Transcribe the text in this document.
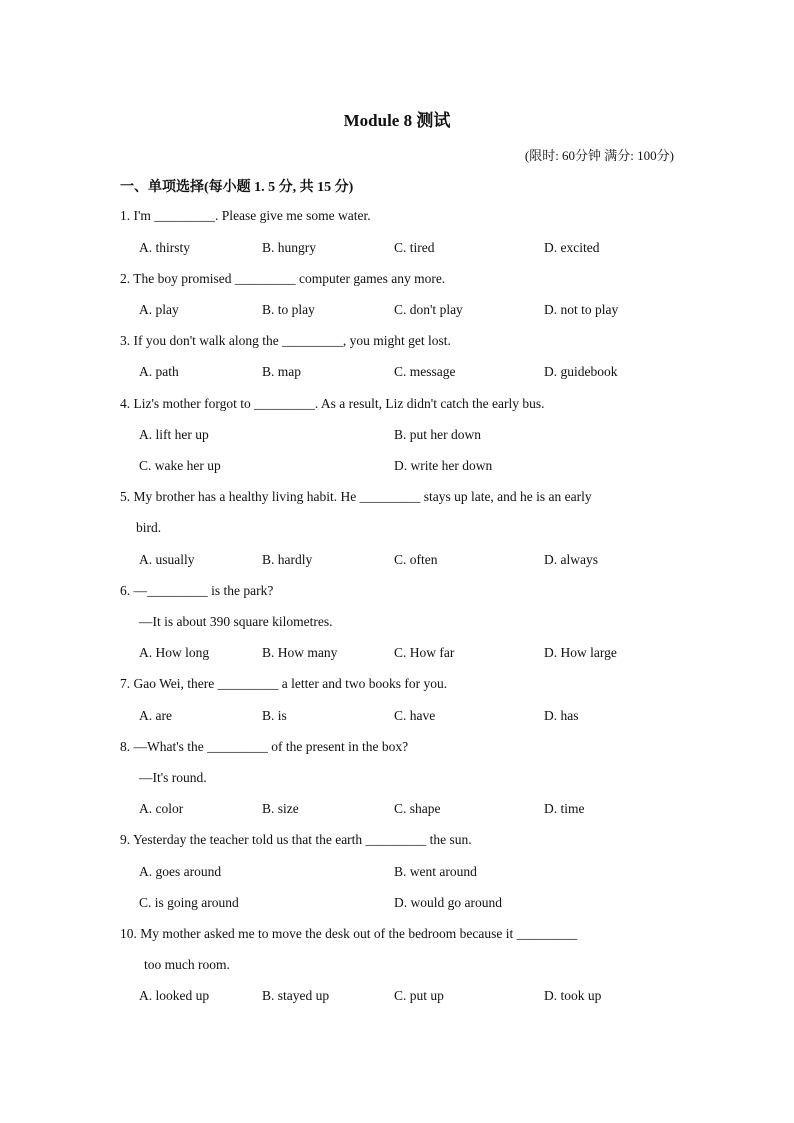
Module 8 测试
(限时: 60分钟 满分: 100分)
一、单项选择(每小题 1. 5 分, 共 15 分)
1. I'm _________. Please give me some water.
A. thirsty	B. hungry	C. tired	D. excited
2. The boy promised _________ computer games any more.
A. play	B. to play	C. don't play	D. not to play
3. If you don't walk along the _________, you might get lost.
A. path	B. map	C. message	D. guidebook
4. Liz's mother forgot to _________. As a result, Liz didn't catch the early bus.
A. lift her up	B. put her down
C. wake her up	D. write her down
5. My brother has a healthy living habit. He _________ stays up late, and he is an early
bird.
A. usually	B. hardly	C. often	D. always
6. —_________ is the park?
—It is about 390 square kilometres.
A. How long	B. How many	C. How far	D. How large
7. Gao Wei, there _________ a letter and two books for you.
A. are	B. is	C. have	D. has
8. —What's the _________ of the present in the box?
—It's round.
A. color	B. size	C. shape	D. time
9. Yesterday the teacher told us that the earth _________ the sun.
A. goes around	B. went around
C. is going around	D. would go around
10. My mother asked me to move the desk out of the bedroom because it _________
too much room.
A. looked up	B. stayed up	C. put up	D. took up
